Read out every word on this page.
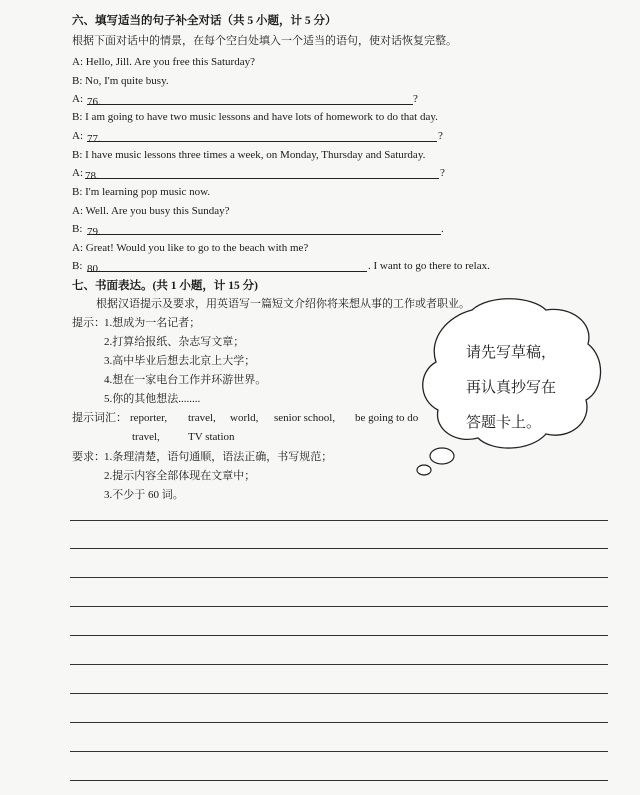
六、填写适当的句子补全对话（共 5 小题，计 5 分）
根据下面对话中的情景，在每个空白处填入一个适当的语句，使对话恢复完整。
A: Hello, Jill. Are you free this Saturday?
B: No, I'm quite busy.
A: 76.	?
B: I am going to have two music lessons and have lots of homework to do that day.
A: 77.	?
B: I have music lessons three times a week, on Monday, Thursday and Saturday.
A: 78.	?
B: I'm learning pop music now.
A: Well. Are you busy this Sunday?
B: 79.	.
A: Great! Would you like to go to the beach with me?
B: 80.	. I want to go there to relax.
七、书面表达。(共 1 小题，计 15 分)
根据汉语提示及要求，用英语写一篇短文介绍你将来想从事的工作或者职业。
提示： 1.想成为一名记者；
2.打算给报纸、杂志写文章；
3.高中毕业后想去北京上大学；
4.想在一家电台工作并环游世界。
5.你的其他想法........
提示词汇： reporter, travel, world, senior school, be going to do
travel,	TV station
要求： 1.条理清楚，语句通顺，语法正确，书写规范；
2.提示内容全部体现在文章中；
3.不少于 60 词。
请先写草稿，
再认真抄写在
答题卡上。
